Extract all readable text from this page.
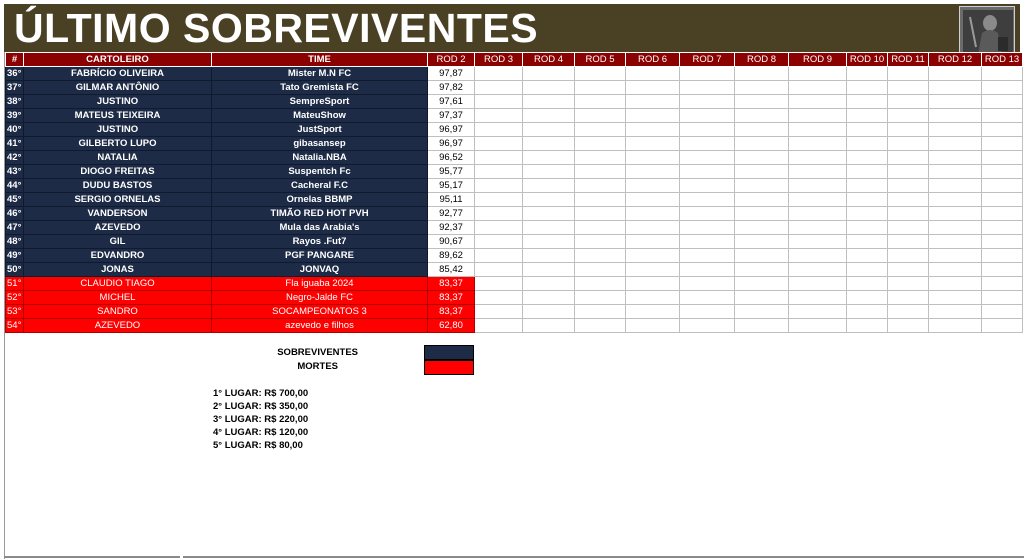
ÚLTIMO SOBREVIVENTES
#	CARTOLEIRO	TIME	ROD 2	ROD 3	ROD 4	ROD 5	ROD 6	ROD 7	ROD 8	ROD 9	ROD 10	ROD 11	ROD 12	ROD 13
36°	FABRÍCIO OLIVEIRA	Mister M.N FC	97,87											
37°	GILMAR ANTÔNIO	Tato Gremista FC	97,82											
38°	JUSTINO	SempreSport	97,61											
39°	MATEUS TEIXEIRA	MateuShow	97,37											
40°	JUSTINO	JustSport	96,97											
41°	GILBERTO LUPO	gibasansep	96,97											
42°	NATALIA	Natalia.NBA	96,52											
43°	DIOGO FREITAS	Suspentch Fc	95,77											
44°	DUDU BASTOS	Cacheral F.C	95,17											
45°	SERGIO ORNELAS	Ornelas BBMP	95,11											
46°	VANDERSON	TIMÃO RED HOT PVH	92,77											
47°	AZEVEDO	Mula das Arabia's	92,37											
48°	GIL	Rayos .Fut7	90,67											
49°	EDVANDRO	PGF PANGARE	89,62											
50°	JONAS	JONVAQ	85,42											
51°	CLAUDIO TIAGO	Fla iguaba 2024	83,37											
52°	MICHEL	Negro-Jalde FC	83,37											
53°	SANDRO	SOCAMPEONATOS 3	83,37											
54°	AZEVEDO	azevedo e filhos	62,80											
SOBREVIVENTES
MORTES
1° LUGAR: R$ 700,00
2° LUGAR: R$ 350,00
3° LUGAR: R$ 220,00
4° LUGAR: R$ 120,00
5° LUGAR: R$ 80,00
